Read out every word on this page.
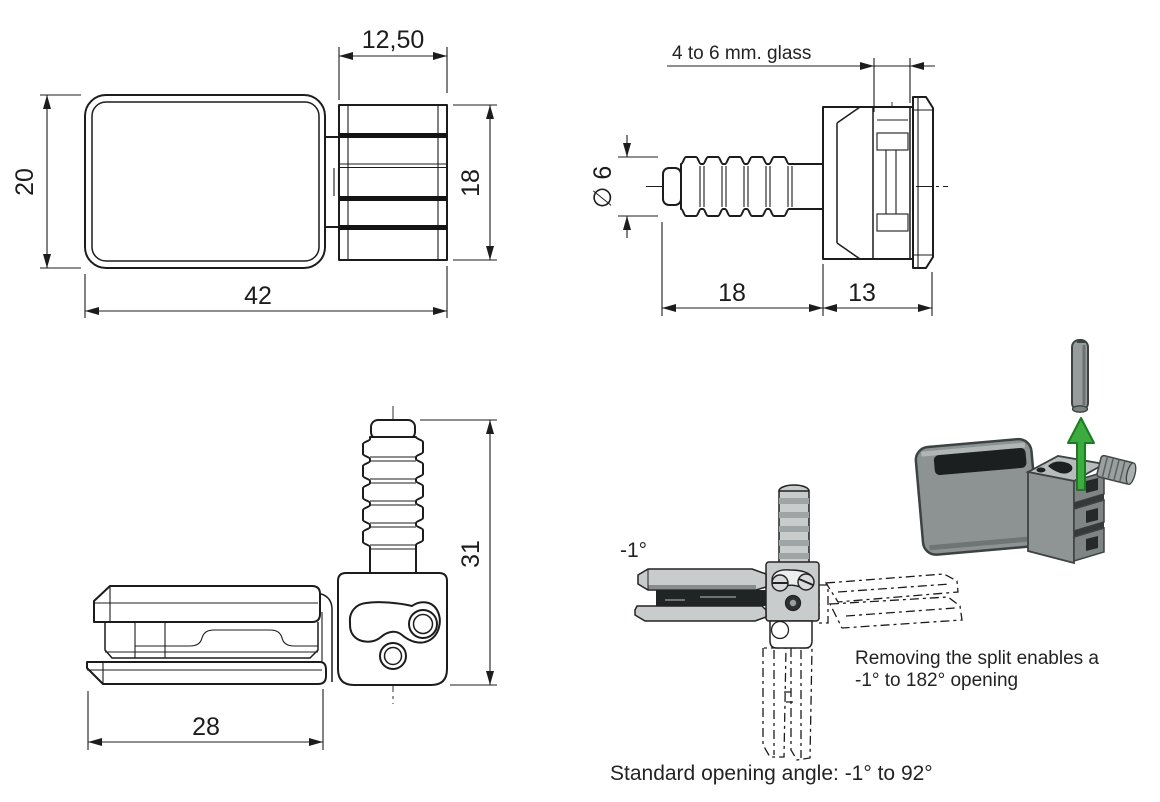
12,50
18
20
42
4 to 6 mm. glass
∅ 6
18	13
28
31	-1°
Removing the split enables a
-1° to 182° opening
Standard opening angle: -1° to 92°
